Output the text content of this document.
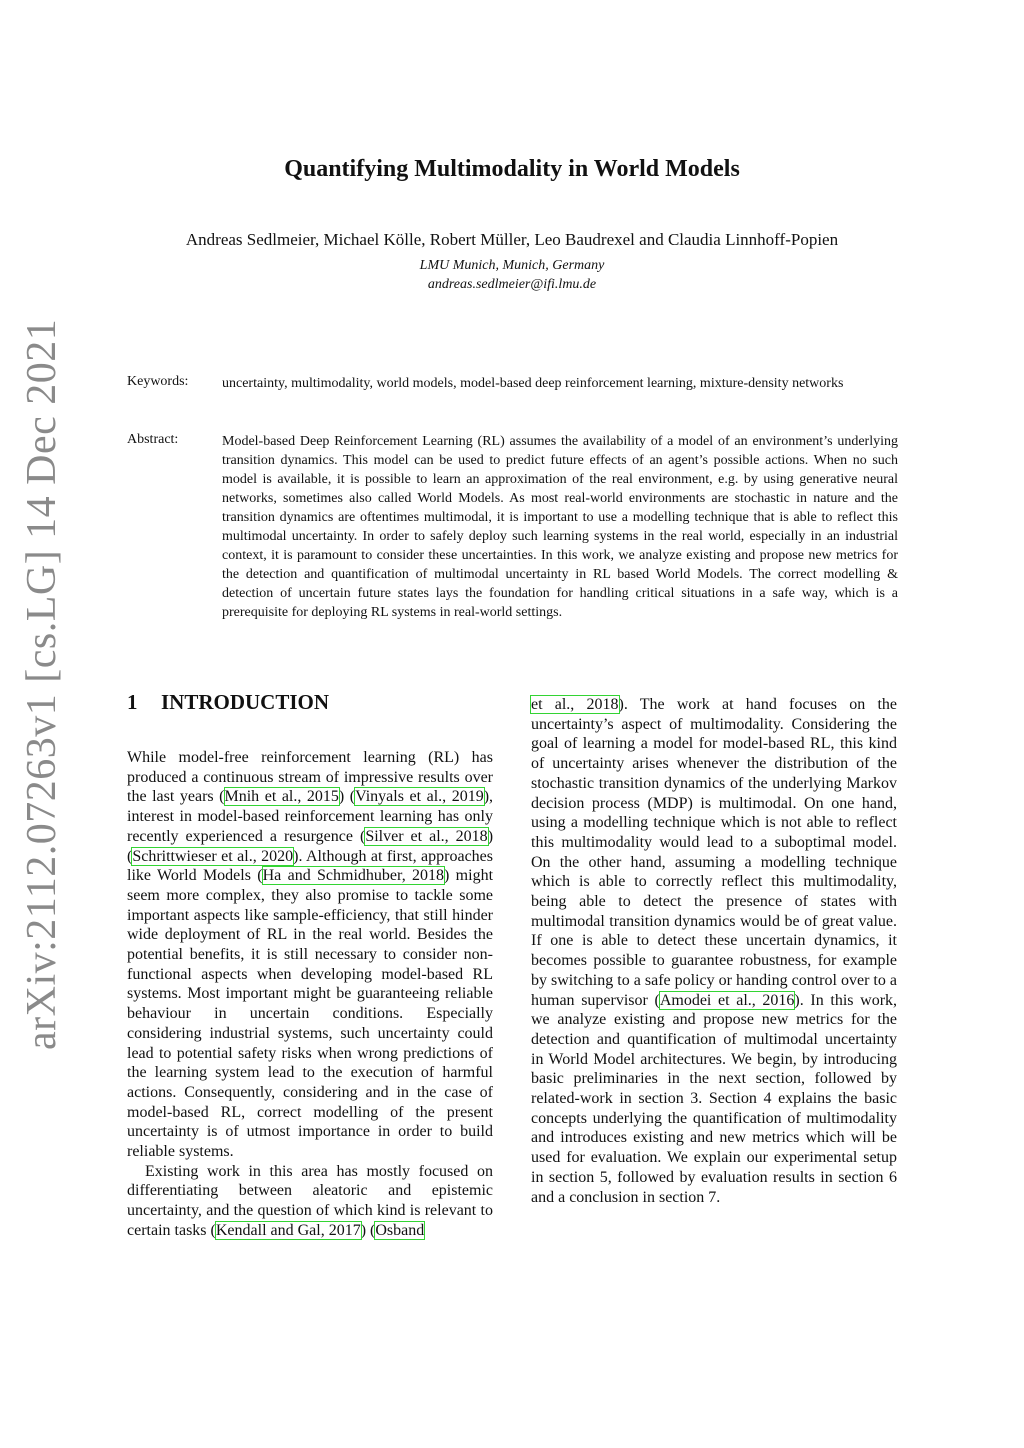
arXiv:2112.07263v1 [cs.LG] 14 Dec 2021
Quantifying Multimodality in World Models
Andreas Sedlmeier, Michael Kölle, Robert Müller, Leo Baudrexel and Claudia Linnhoff-Popien
LMU Munich, Munich, Germany
andreas.sedlmeier@ifi.lmu.de
Keywords: uncertainty, multimodality, world models, model-based deep reinforcement learning, mixture-density networks
Abstract:	Model-based Deep Reinforcement Learning (RL) assumes the availability of a model of an environment’s underlying transition dynamics. This model can be used to predict future effects of an agent’s possible actions. When no such model is available, it is possible to learn an approximation of the real environment, e.g. by using generative neural networks, sometimes also called World Models. As most real-world environments are stochastic in nature and the transition dynamics are oftentimes multimodal, it is important to use a modelling technique that is able to reflect this multimodal uncertainty. In order to safely deploy such learning systems in the real world, especially in an industrial context, it is paramount to consider these uncertainties. In this work, we analyze existing and propose new metrics for the detection and quantification of multimodal uncertainty in RL based World Models. The correct modelling & detection of uncertain future states lays the foundation for handling critical situations in a safe way, which is a prerequisite for deploying RL systems in real-world settings.
1 INTRODUCTION

While model-free reinforcement learning (RL) has produced a continuous stream of impressive results over the last years (Mnih et al., 2015) (Vinyals et al., 2019), interest in model-based reinforcement learning has only recently experienced a resurgence (Silver et al., 2018) (Schrittwieser et al., 2020). Although at first, approaches like World Models (Ha and Schmidhuber, 2018) might seem more complex, they also promise to tackle some important aspects like sample-efficiency, that still hinder wide deployment of RL in the real world. Besides the potential benefits, it is still necessary to consider non-functional aspects when developing model-based RL systems. Most important might be guaranteeing reliable behaviour in uncertain conditions. Especially considering industrial systems, such uncertainty could lead to potential safety risks when wrong predictions of the learning system lead to the execution of harmful actions. Consequently, considering and in the case of model-based RL, correct modelling of the present uncertainty is of utmost importance in order to build reliable systems.

Existing work in this area has mostly focused on differentiating between aleatoric and epistemic uncertainty, and the question of which kind is relevant to certain tasks (Kendall and Gal, 2017) (Osband

et al., 2018). The work at hand focuses on the uncertainty’s aspect of multimodality. Considering the goal of learning a model for model-based RL, this kind of uncertainty arises whenever the distribution of the stochastic transition dynamics of the underlying Markov decision process (MDP) is multimodal. On one hand, using a modelling technique which is not able to reflect this multimodality would lead to a suboptimal model. On the other hand, assuming a modelling technique which is able to correctly reflect this multimodality, being able to detect the presence of states with multimodal transition dynamics would be of great value. If one is able to detect these uncertain dynamics, it becomes possible to guarantee robustness, for example by switching to a safe policy or handing control over to a human supervisor (Amodei et al., 2016). In this work, we analyze existing and propose new metrics for the detection and quantification of multimodal uncertainty in World Model architectures. We begin, by introducing basic preliminaries in the next section, followed by related-work in section 3. Section 4 explains the basic concepts underlying the quantification of multimodality and introduces existing and new metrics which will be used for evaluation. We explain our experimental setup in section 5, followed by evaluation results in section 6 and a conclusion in section 7.
